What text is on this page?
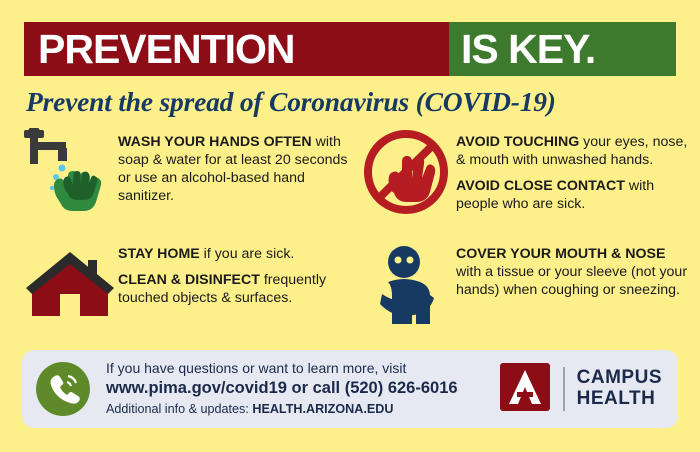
PREVENTION	IS KEY.
Prevent the spread of Coronavirus (COVID-19)
WASH YOUR HANDS OFTEN with soap & water for at least 20 seconds or use an alcohol-based hand sanitizer.
AVOID TOUCHING your eyes, nose, & mouth with unwashed hands.
AVOID CLOSE CONTACT with people who are sick.
STAY HOME if you are sick.
CLEAN & DISINFECT frequently touched objects & surfaces.
COVER YOUR MOUTH & NOSE with a tissue or your sleeve (not your hands) when coughing or sneezing.
If you have questions or want to learn more, visit
www.pima.gov/covid19 or call (520) 626-6016
Additional info & updates: HEALTH.ARIZONA.EDU
CAMPUS
HEALTH
